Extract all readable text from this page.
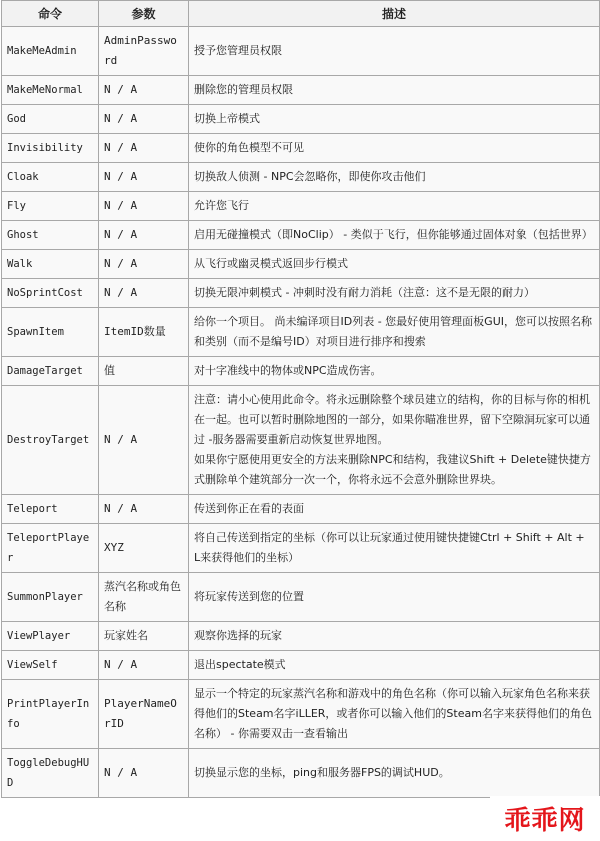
命令	参数	描述
MakeMeAdmin	AdminPassword	授予您管理员权限

MakeMeNormal	N / A	删除您的管理员权限

God	N / A	切换上帝模式

Invisibility	N / A	使你的角色模型不可见

Cloak	N / A	切换敌人侦测 - NPC会忽略你，即使你攻击他们

Fly	N / A	允许您飞行

Ghost	N / A	启用无碰撞模式（即NoClip） - 类似于飞行，但你能够通过固体对象（包括世界）

Walk	N / A	从飞行或幽灵模式返回步行模式

NoSprintCost	N / A	切换无限冲刺模式 - 冲刺时没有耐力消耗（注意：这不是无限的耐力）

SpawnItem	ItemID数量	给你一个项目。 尚未编译项目ID列表 - 您最好使用管理面板GUI，您可以按照名称和类别（而不是编号ID）对项目进行排序和搜索

DamageTarget	值	对十字准线中的物体或NPC造成伤害。

DestroyTarget	N / A	注意：请小心使用此命令。将永远删除整个球员建立的结构，你的目标与你的相机在一起。也可以暂时删除地图的一部分，如果你瞄准世界，留下空隙洞玩家可以通过 -服务器需要重新启动恢复世界地图。

如果你宁愿使用更安全的方法来删除NPC和结构，我建议Shift + Delete键快捷方式删除单个建筑部分一次一个，你将永远不会意外删除世界块。

Teleport	N / A	传送到你正在看的表面

TeleportPlayer	XYZ	将自己传送到指定的坐标（你可以让玩家通过使用键快捷键Ctrl + Shift + Alt + L来获得他们的坐标）

SummonPlayer	蒸汽名称或角色名称	将玩家传送到您的位置

ViewPlayer	玩家姓名	观察你选择的玩家

ViewSelf	N / A	退出spectate模式

PrintPlayerInfo	PlayerNameOrID	显示一个特定的玩家蒸汽名称和游戏中的角色名称（你可以输入玩家角色名称来获得他们的Steam名字iLLER，或者你可以输入他们的Steam名字来获得他们的角色名称） - 你需要双击一查看输出

ToggleDebugHUD	N / A	切换显示您的坐标，ping和服务器FPS的调试HUD。

乖乖网
